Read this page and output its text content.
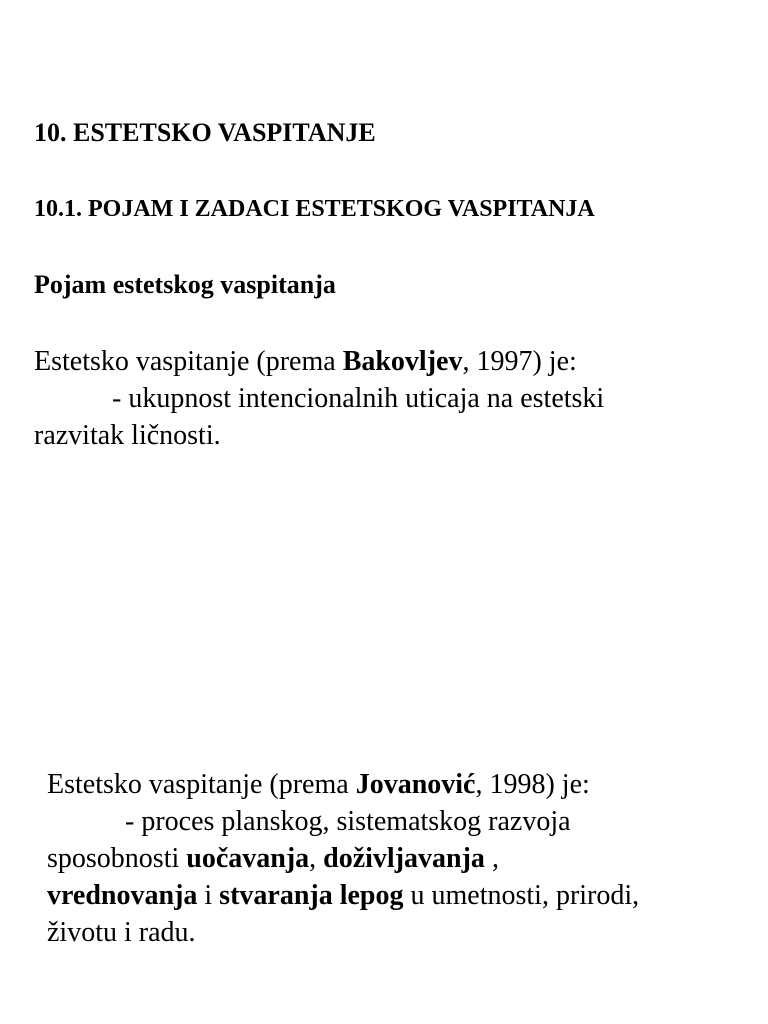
10. ESTETSKO VASPITANJE
10.1. POJAM I ZADACI ESTETSKOG VASPITANJA
Pojam estetskog vaspitanja
Estetsko vaspitanje (prema Bakovljev, 1997) je:
- ukupnost intencionalnih uticaja na estetski
razvitak ličnosti.
Estetsko vaspitanje (prema Jovanović, 1998) je:
- proces planskog, sistematskog razvoja
sposobnosti uočavanja, doživljavanja ,
vrednovanja i stvaranja lepog u umetnosti, prirodi,
životu i radu.
